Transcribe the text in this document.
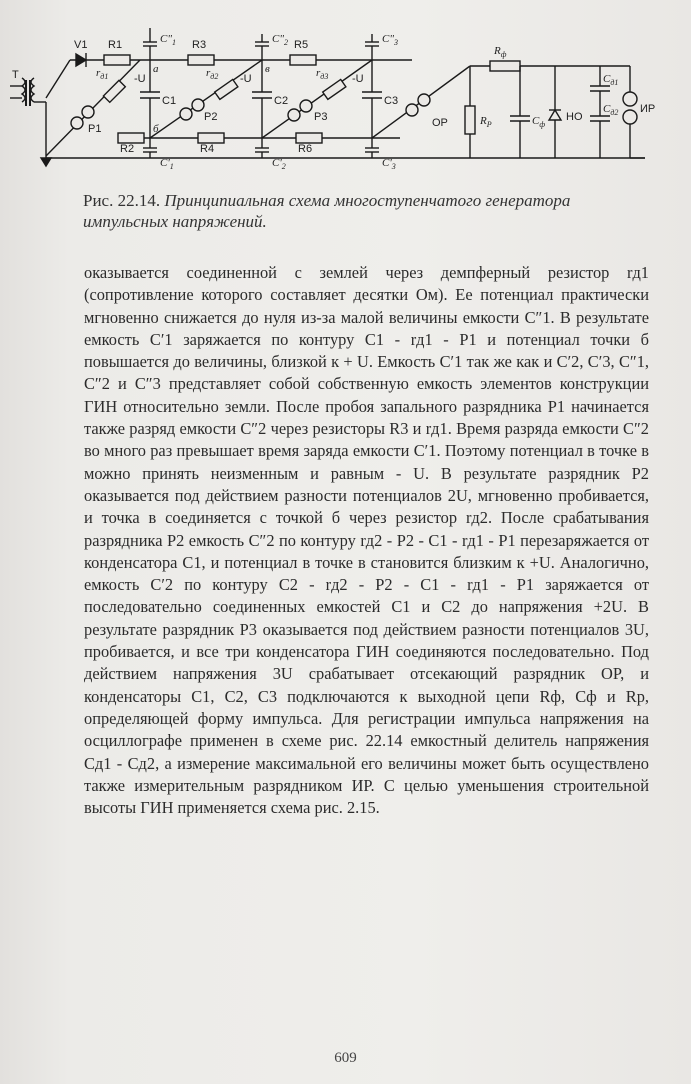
V1 R1	R3	R5
R2	R4	R6
T
P1
P2	P3	OP
C1	C2	C3
-U	-U	-U
a
б
в
$C"_1$	$C"_2$	$C"_3$
$C'_1$	$C'_2$	$C'_3$
$r_{д1}$	$r_{д2}$	$r_{д3}$
$R_ф$
$R_P$	$C_ф$
НО
$C_{д1}$
$C_{д2}$ ИР
Рис. 22.14. Принципиальная схема многоступенчатого генератора импульсных напряжений.

оказывается соединенной с землей через демпферный резистор rд1 (сопротивление которого составляет десятки Ом). Ее потенциал практически мгновенно снижается до нуля из-за малой величины емкости C″1. В результате емкость C′1 заряжается по контуру C1 - rд1 - P1 и потенциал точки б повышается до величины, близкой к + U. Емкость C′1 так же как и C′2, C′3, C″1, C″2 и C″3 представляет собой собственную емкость элементов конструкции ГИН относительно земли. После пробоя запального разрядника P1 начинается также разряд емкости C″2 через резисторы R3 и rд1. Время разряда емкости C″2 во много раз превышает время заряда емкости C′1. Поэтому потенциал в точке в можно принять неизменным и равным - U. В результате разрядник P2 оказывается под действием разности потенциалов 2U, мгновенно пробивается, и точка в соединяется с точкой б через резистор rд2. После срабатывания разрядника P2 емкость C″2 по контуру rд2 - P2 - C1 - rд1 - P1 перезаряжается от конденсатора C1, и потенциал в точке в становится близким к +U. Аналогично, емкость C′2 по контуру C2 - rд2 - P2 - C1 - rд1 - P1 заряжается от последовательно соединенных емкостей C1 и C2 до напряжения +2U. В результате разрядник P3 оказывается под действием разности потенциалов 3U, пробивается, и все три конденсатора ГИН соединяются последовательно. Под действием напряжения 3U срабатывает отсекающий разрядник OP, и конденсаторы C1, C2, C3 подключаются к выходной цепи Rф, Cф и Rр, определяющей форму импульса. Для регистрации импульса напряжения на осциллографе применен в схеме рис. 22.14 емкостный делитель напряжения Cд1 - Cд2, а измерение максимальной его величины может быть осуществлено также измерительным разрядником ИР. С целью уменьшения строительной высоты ГИН применяется схема рис. 2.15.

609
